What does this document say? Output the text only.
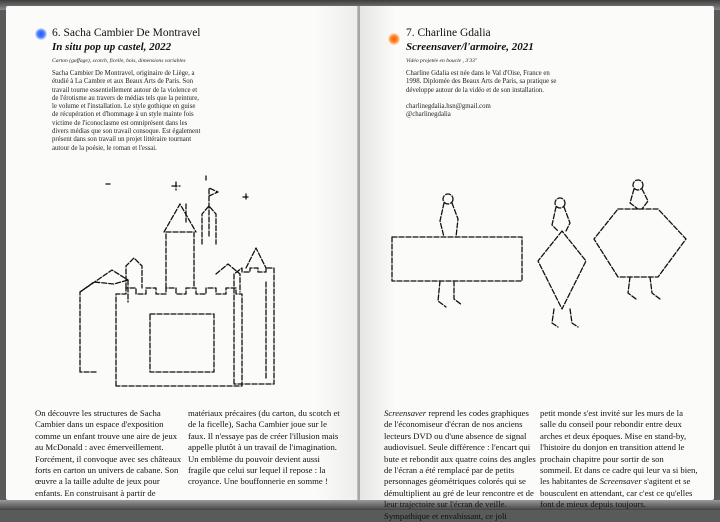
6. Sacha Cambier De Montravel
In situ pop up castel, 2022
Carton (gaffage), scotch, ficelle, bois, dimensions variables

Sacha Cambier De Montravel, originaire de Liège, a étudié à La Cambre et aux Beaux Arts de Paris. Son travail tourne essentiellement autour de la violence et de l'érotisme au travers de médias tels que la peinture, le volume et l'installation. Le style gothique en guise de récupération et d'hommage à un style mainte fois victime de l'iconoclasme est omniprésent dans les divers médias que son travail consoque. Est également présent dans son travail un projet littéraire tournant autour de la poésie, le roman et l'essai.

On découvre les structures de Sacha Cambier dans un espace d'exposition comme un enfant trouve une aire de jeux au McDonald : avec émerveillement. Forcément, il convoque avec ses châteaux forts en carton un univers de cabane. Son œuvre a la taille adulte de jeux pour enfants. En construisant à partir de

matériaux précaires (du carton, du scotch et de la ficelle), Sacha Cambier joue sur le faux. Il n'essaye pas de créer l'illusion mais appelle plutôt à un travail de l'imagination. Un emblème du pouvoir devient aussi fragile que celui sur lequel il repose : la croyance. Une bouffonnerie en somme !

7. Charline Gdalia
Screensaver/l'armoire, 2021
Vidéo projetée en boucle , 3'33"

Charline Gdalia est née dans le Val d'Oise, France en 1998. Diplomée des Beaux Arts de Paris, sa pratique se développe autour de la vidéo et de son installation.

charlinegdalia.hsn@gmail.com

@charlinegdalia

Screensaver reprend les codes graphiques de l'économiseur d'écran de nos anciens lecteurs DVD ou d'une absence de signal audiovisuel. Seule différence : l'encart qui bute et rebondit aux quatre coins des angles de l'écran a été remplacé par de petits personnages géométriques colorés qui se démultiplient au gré de leur rencontre et de leur trajectoire sur l'écran de veille. Sympathique et envahissant, ce joli

petit monde s'est invité sur les murs de la salle du conseil pour rebondir entre deux arches et deux époques. Mise en stand-by, l'histoire du donjon en transition attend le prochain chapitre pour sortir de son sommeil. Et dans ce cadre qui leur va si bien, les habitantes de Screensaver s'agitent et se bousculent en attendant, car c'est ce qu'elles font de mieux depuis toujours.
